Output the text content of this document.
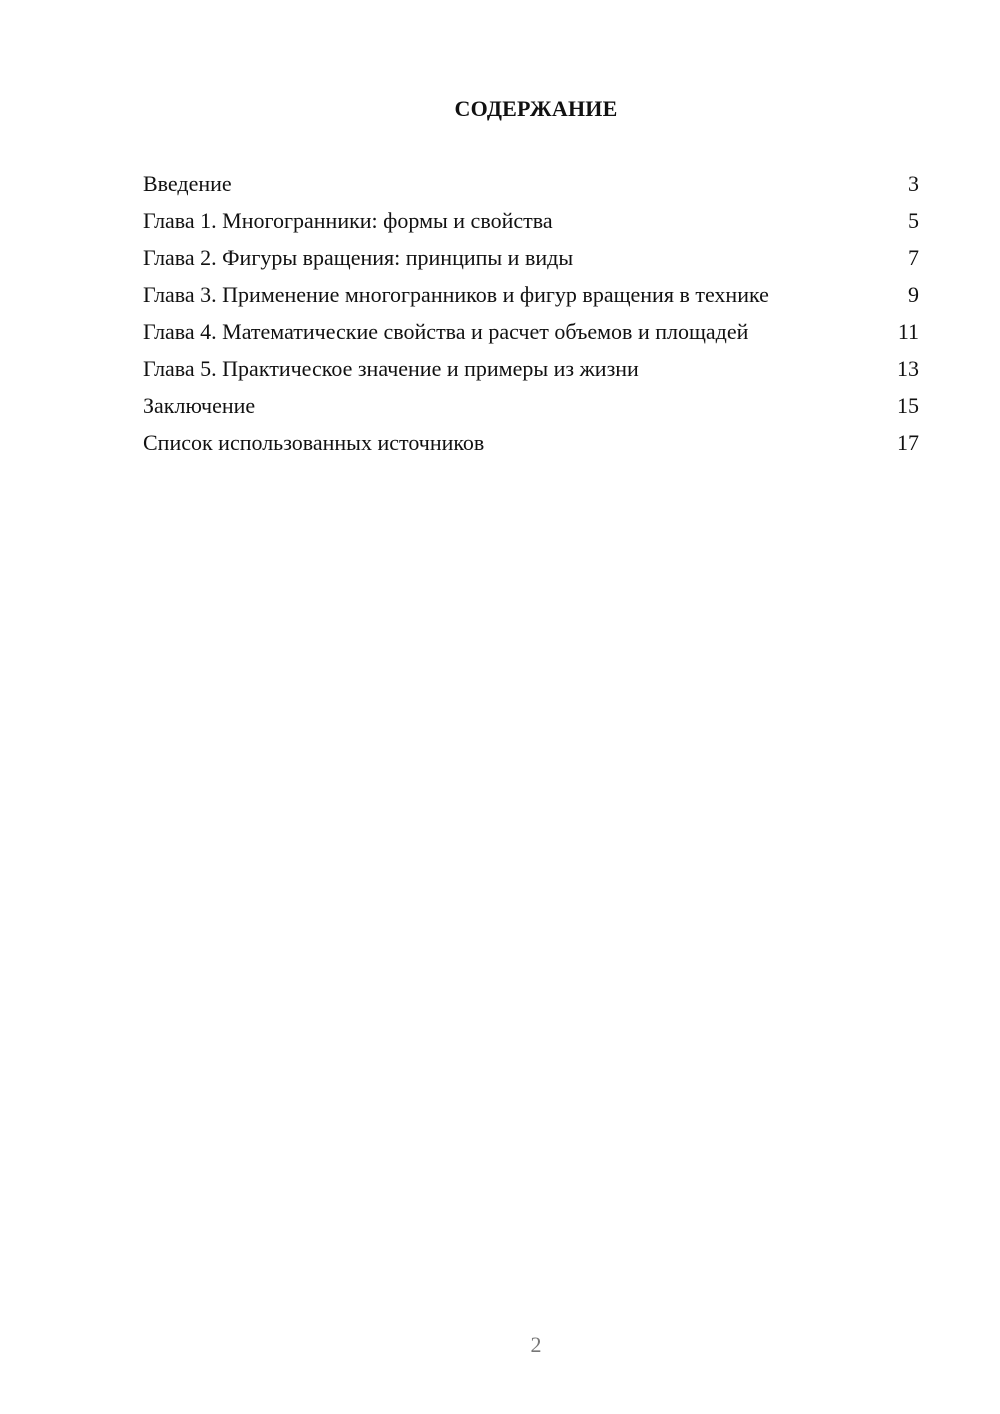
СОДЕРЖАНИЕ
Введение	3
Глава 1. Многогранники: формы и свойства	5
Глава 2. Фигуры вращения: принципы и виды	7
Глава 3. Применение многогранников и фигур вращения в технике	9
Глава 4. Математические свойства и расчет объемов и площадей	11
Глава 5. Практическое значение и примеры из жизни	13
Заключение	15
Список использованных источников	17
2
